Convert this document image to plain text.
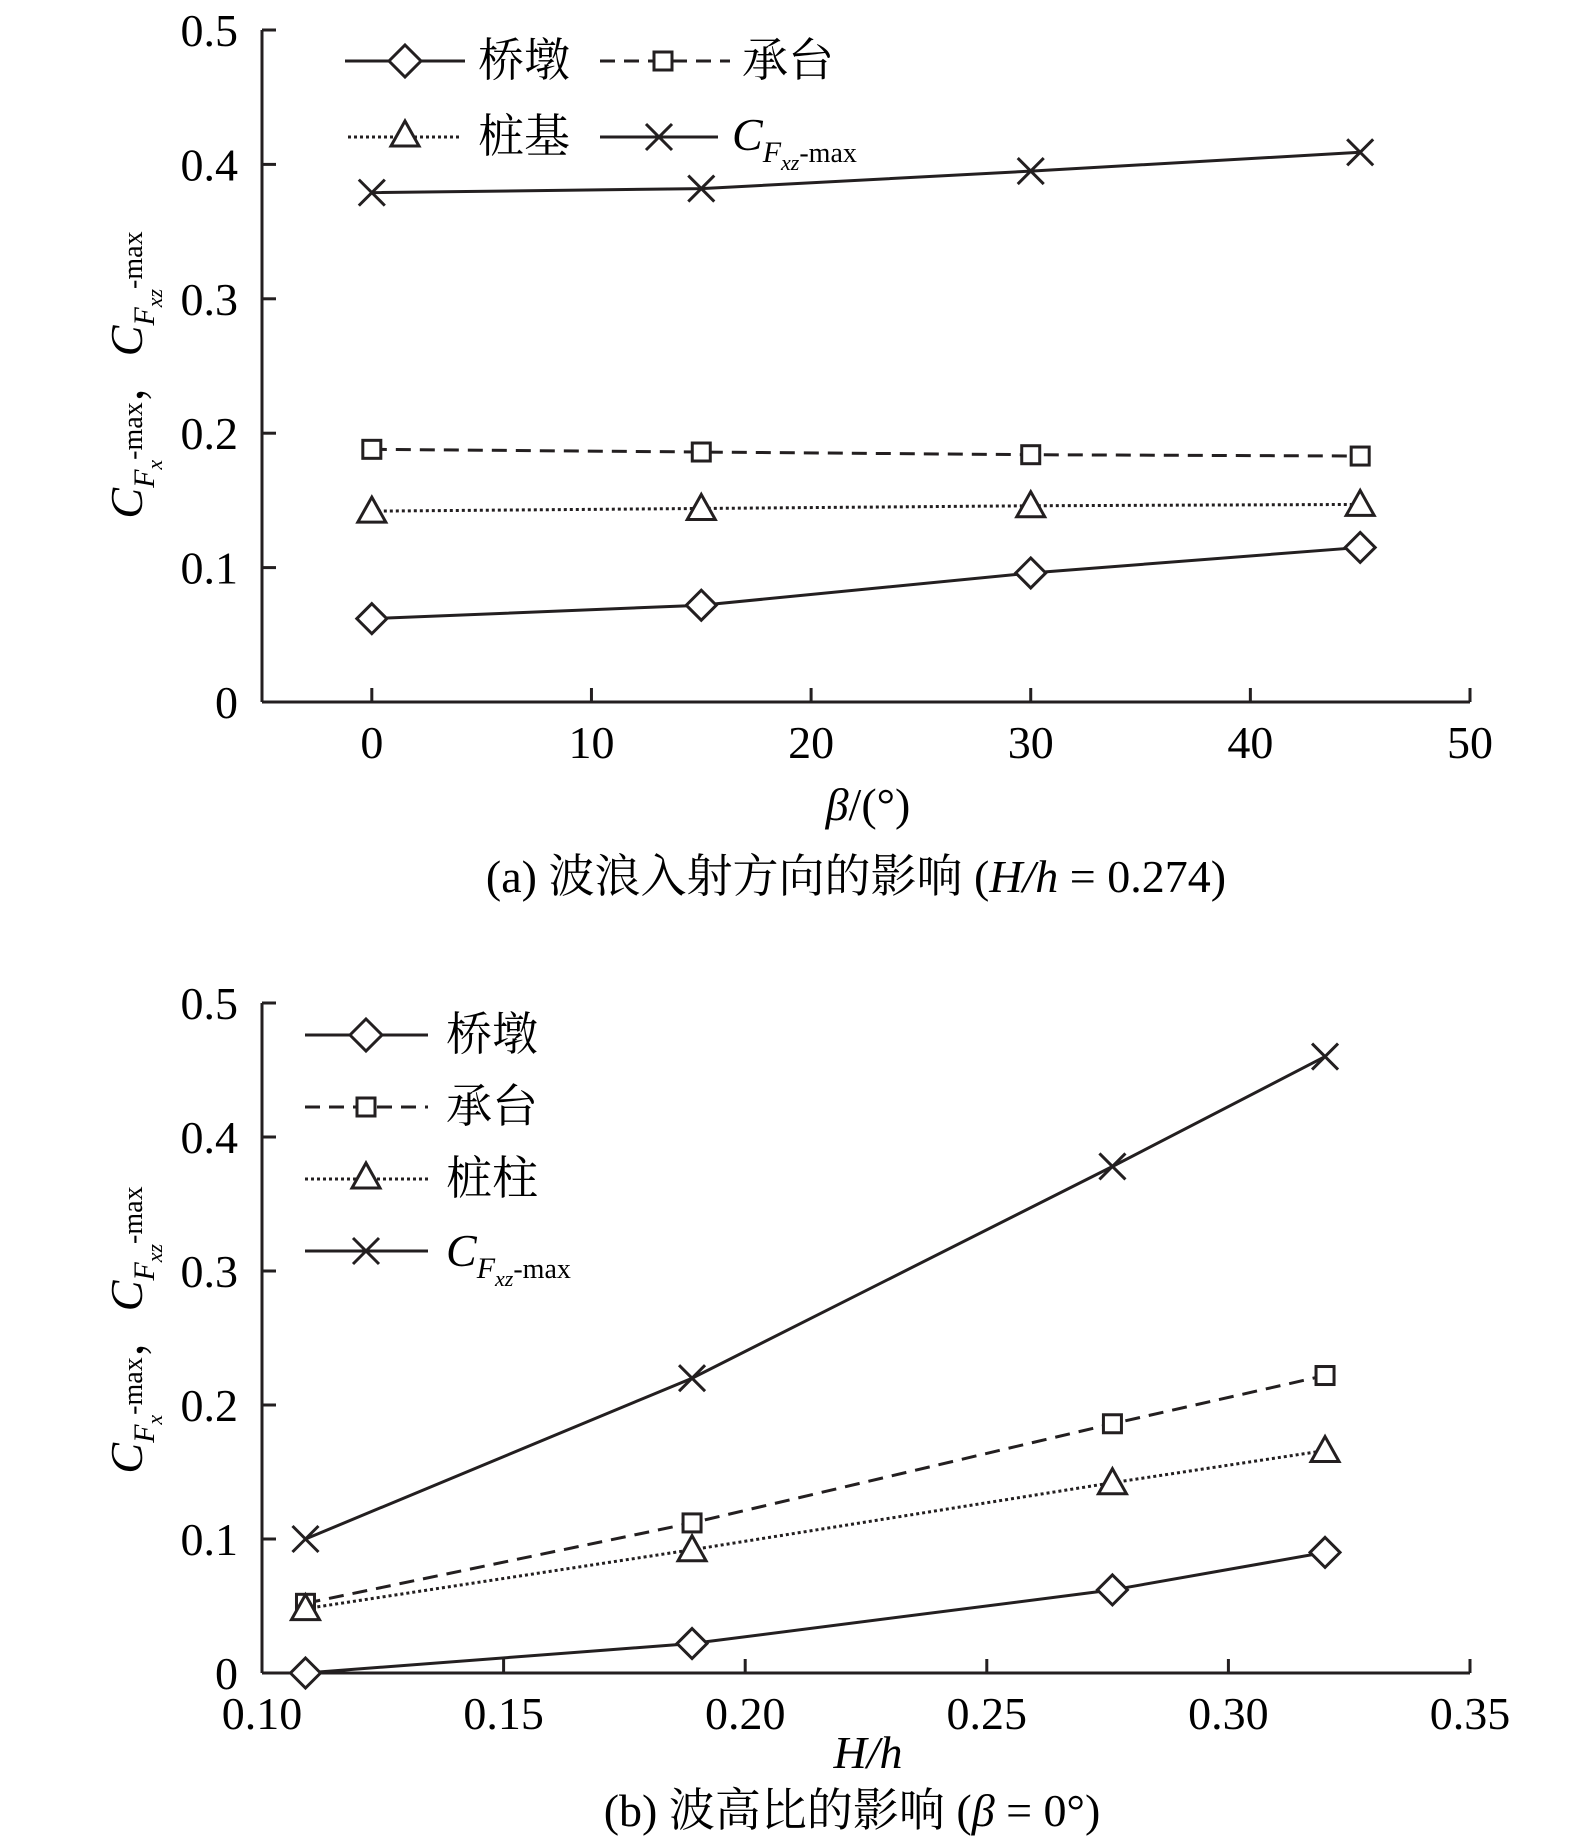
0	10	20	30	40	50
0
0.1
0.2
0.3
0.4
0.5
$C_Fx^{-max}$，$C_Fxz^{-max}$
β/(°)
(a) 波浪入射方向的影响 (H/h = 0.274)
桥墩	承台
桩基	$C_Fxz-\max$
0.10	0.15	0.20	0.25	0.30	0.35
0
0.1
0.2
0.3
0.4
0.5
$C_Fx^{-max}$，$C_Fxz^{-max}$
H/h
(b) 波高比的影响 (β = 0°)
桥墩
承台
桩柱
$C_Fxz-\max$
